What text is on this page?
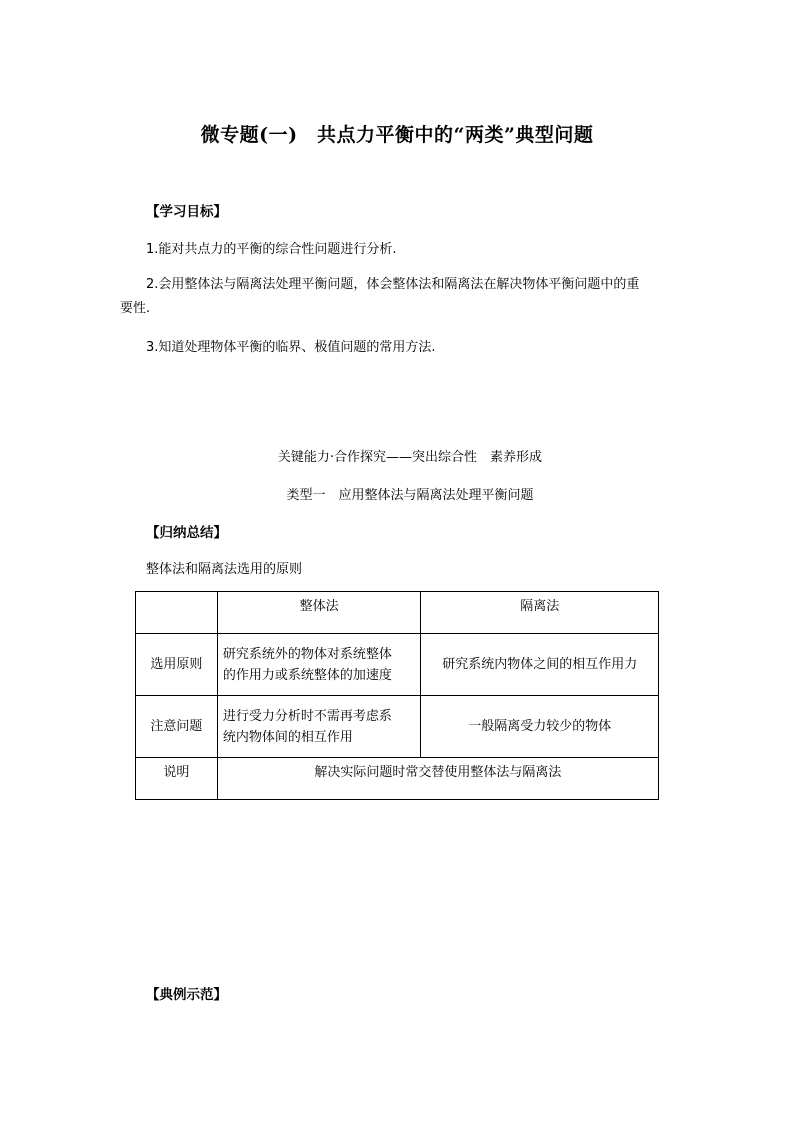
微专题(一)　共点力平衡中的“两类”典型问题
【学习目标】
1.能对共点力的平衡的综合性问题进行分析.
2.会用整体法与隔离法处理平衡问题，体会整体法和隔离法在解决物体平衡问题中的重
要性.
3.知道处理物体平衡的临界、极值问题的常用方法.
关键能力·合作探究——突出综合性　素养形成
类型一　应用整体法与隔离法处理平衡问题
【归纳总结】
整体法和隔离法选用的原则
	整体法	隔离法
选用原则	研究系统外的物体对系统整体
的作用力或系统整体的加速度	研究系统内物体之间的相互作用力
注意问题	进行受力分析时不需再考虑系
统内物体间的相互作用	一般隔离受力较少的物体
说明	解决实际问题时常交替使用整体法与隔离法	
【典例示范】
